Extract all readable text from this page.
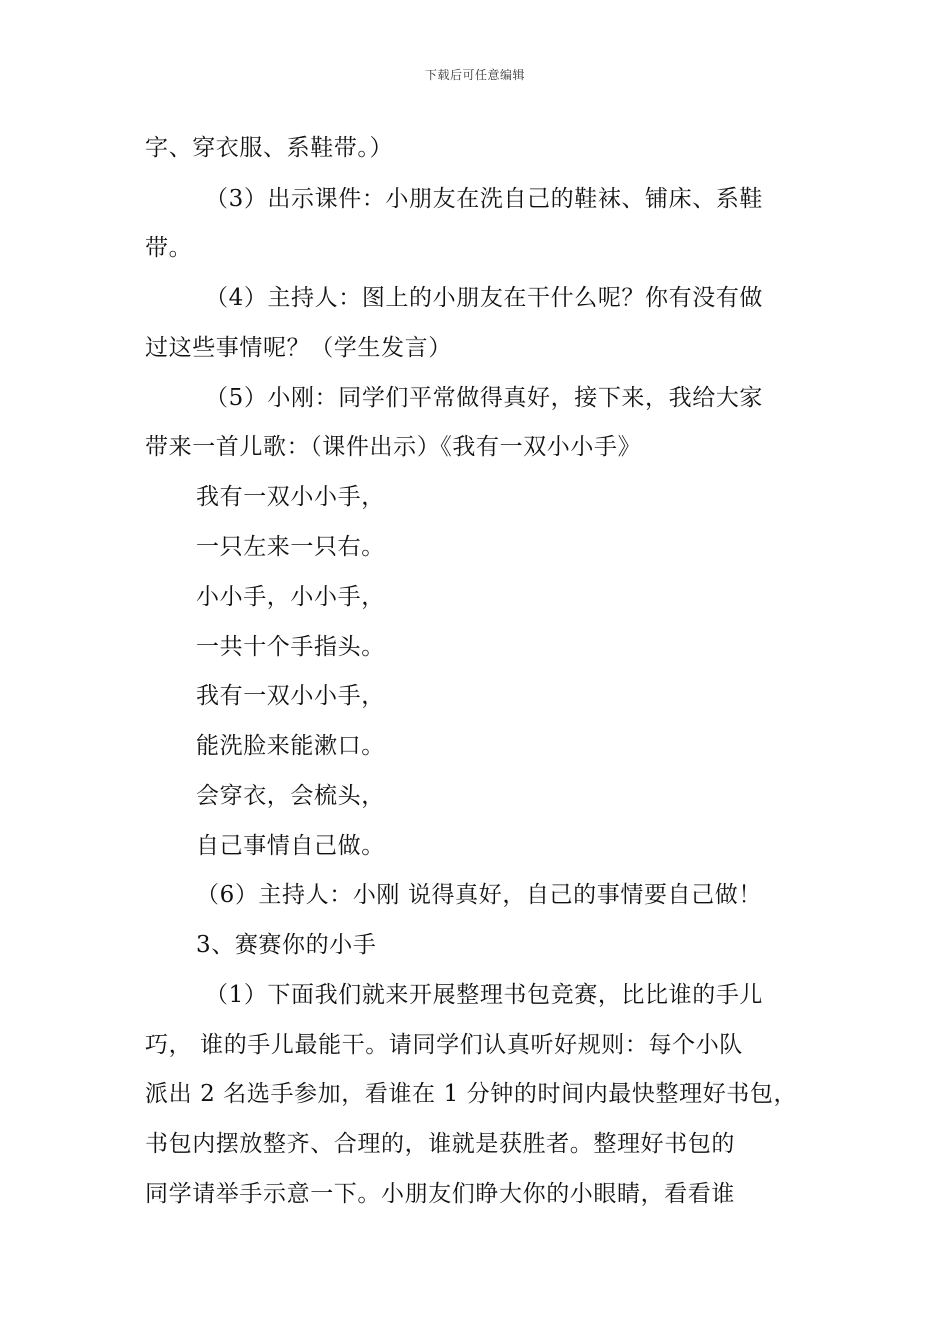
下载后可任意编辑
字、穿衣服、系鞋带。）
（3）出示课件：小朋友在洗自己的鞋袜、铺床、系鞋
带。
（4）主持人：图上的小朋友在干什么呢？你有没有做
过这些事情呢？（学生发言）
（5）小刚：同学们平常做得真好，接下来，我给大家
带来一首儿歌：（课件出示）《我有一双小小手》
我有一双小小手，
一只左来一只右。
小小手，小小手，
一共十个手指头。
我有一双小小手，
能洗脸来能漱口。
会穿衣，会梳头，
自己事情自己做。
（6）主持人：小刚 说得真好，自己的事情要自己做！
3、赛赛你的小手
（1）下面我们就来开展整理书包竞赛，比比谁的手儿
巧， 谁的手儿最能干。请同学们认真听好规则：每个小队
派出 2 名选手参加，看谁在 1 分钟的时间内最快整理好书包，
书包内摆放整齐、合理的，谁就是获胜者。整理好书包的
同学请举手示意一下。小朋友们睁大你的小眼睛，看看谁
